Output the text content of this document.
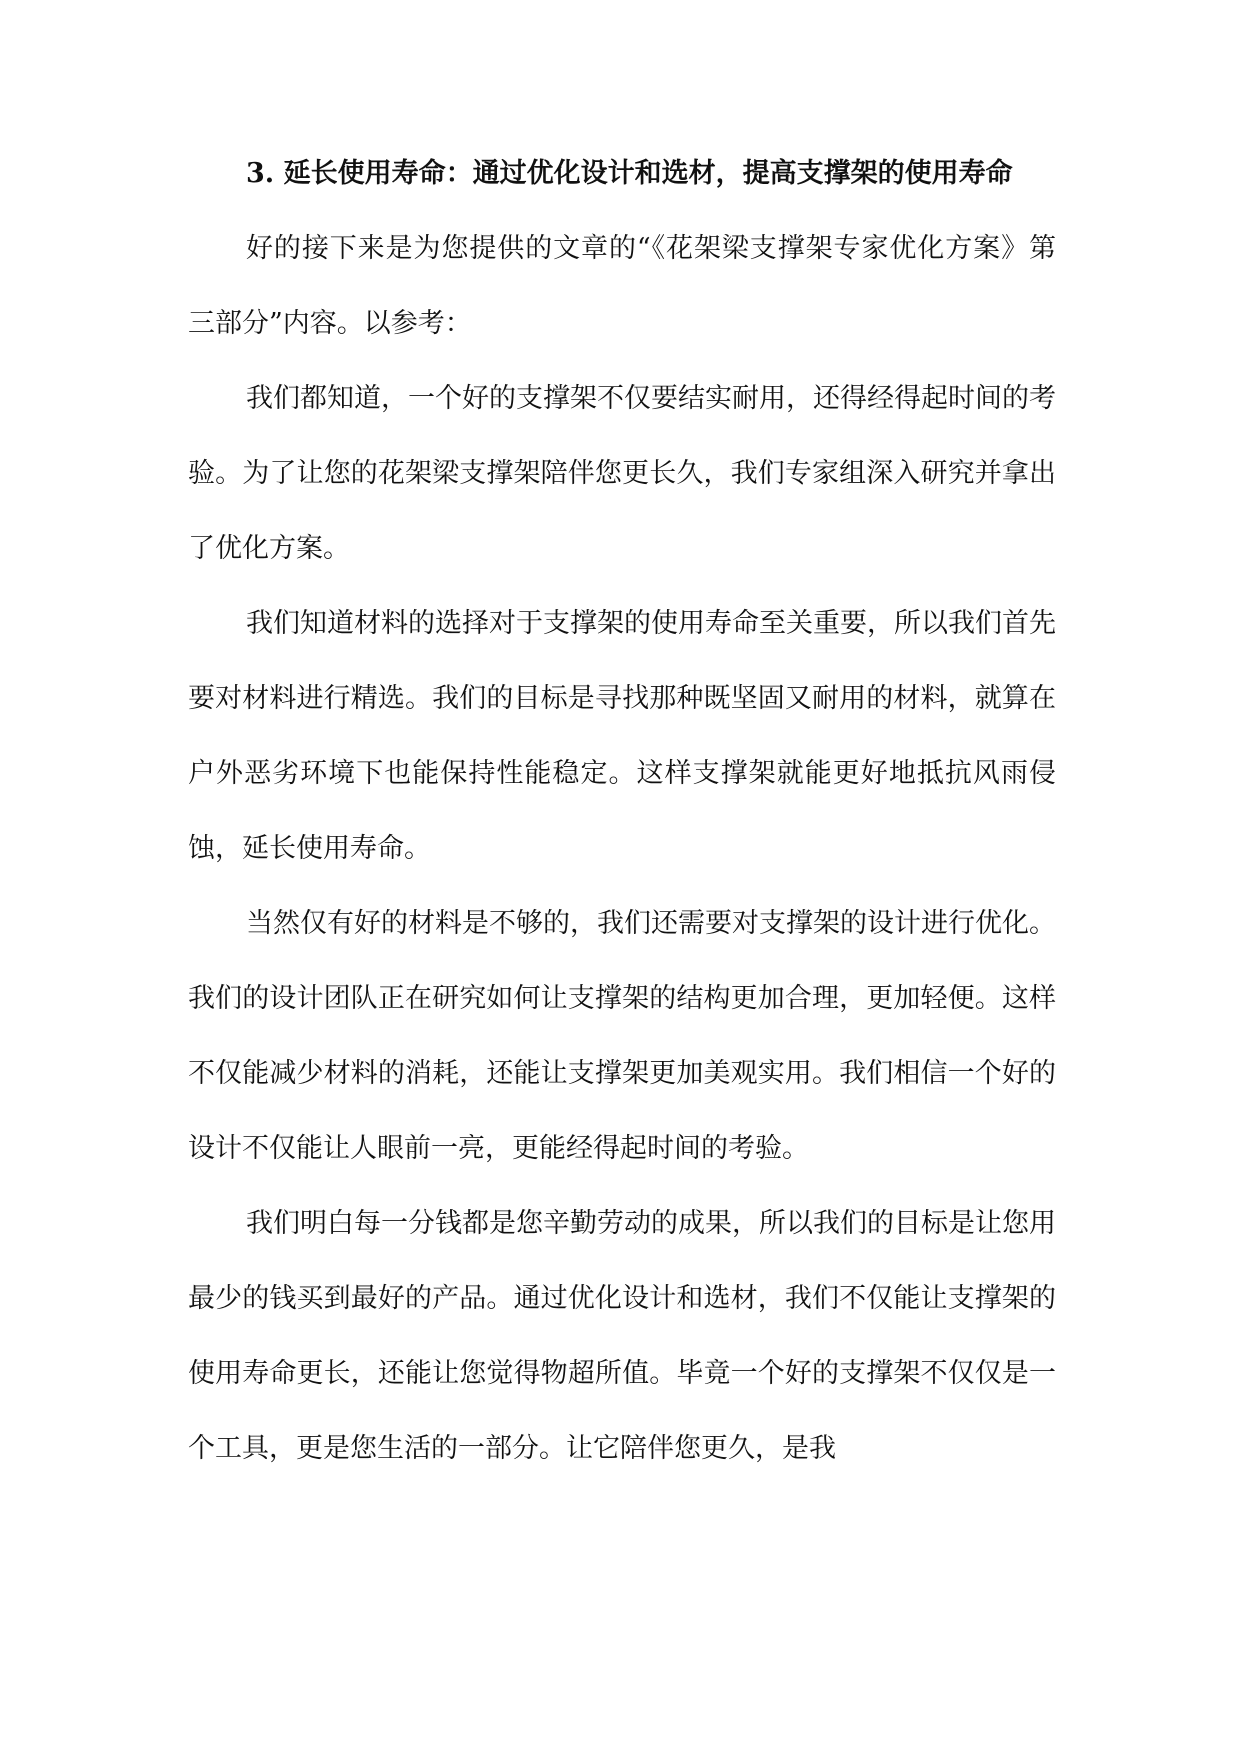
3. 延长使用寿命：通过优化设计和选材，提高支撑架的使用寿命

好的接下来是为您提供的文章的“《花架梁支撑架专家优化方案》第三部分”内容。以参考：

我们都知道，一个好的支撑架不仅要结实耐用，还得经得起时间的考验。为了让您的花架梁支撑架陪伴您更长久，我们专家组深入研究并拿出了优化方案。

我们知道材料的选择对于支撑架的使用寿命至关重要，所以我们首先要对材料进行精选。我们的目标是寻找那种既坚固又耐用的材料，就算在户外恶劣环境下也能保持性能稳定。这样支撑架就能更好地抵抗风雨侵蚀，延长使用寿命。

当然仅有好的材料是不够的，我们还需要对支撑架的设计进行优化。我们的设计团队正在研究如何让支撑架的结构更加合理，更加轻便。这样不仅能减少材料的消耗，还能让支撑架更加美观实用。我们相信一个好的设计不仅能让人眼前一亮，更能经得起时间的考验。

我们明白每一分钱都是您辛勤劳动的成果，所以我们的目标是让您用最少的钱买到最好的产品。通过优化设计和选材，我们不仅能让支撑架的使用寿命更长，还能让您觉得物超所值。毕竟一个好的支撑架不仅仅是一个工具，更是您生活的一部分。让它陪伴您更久，是我
